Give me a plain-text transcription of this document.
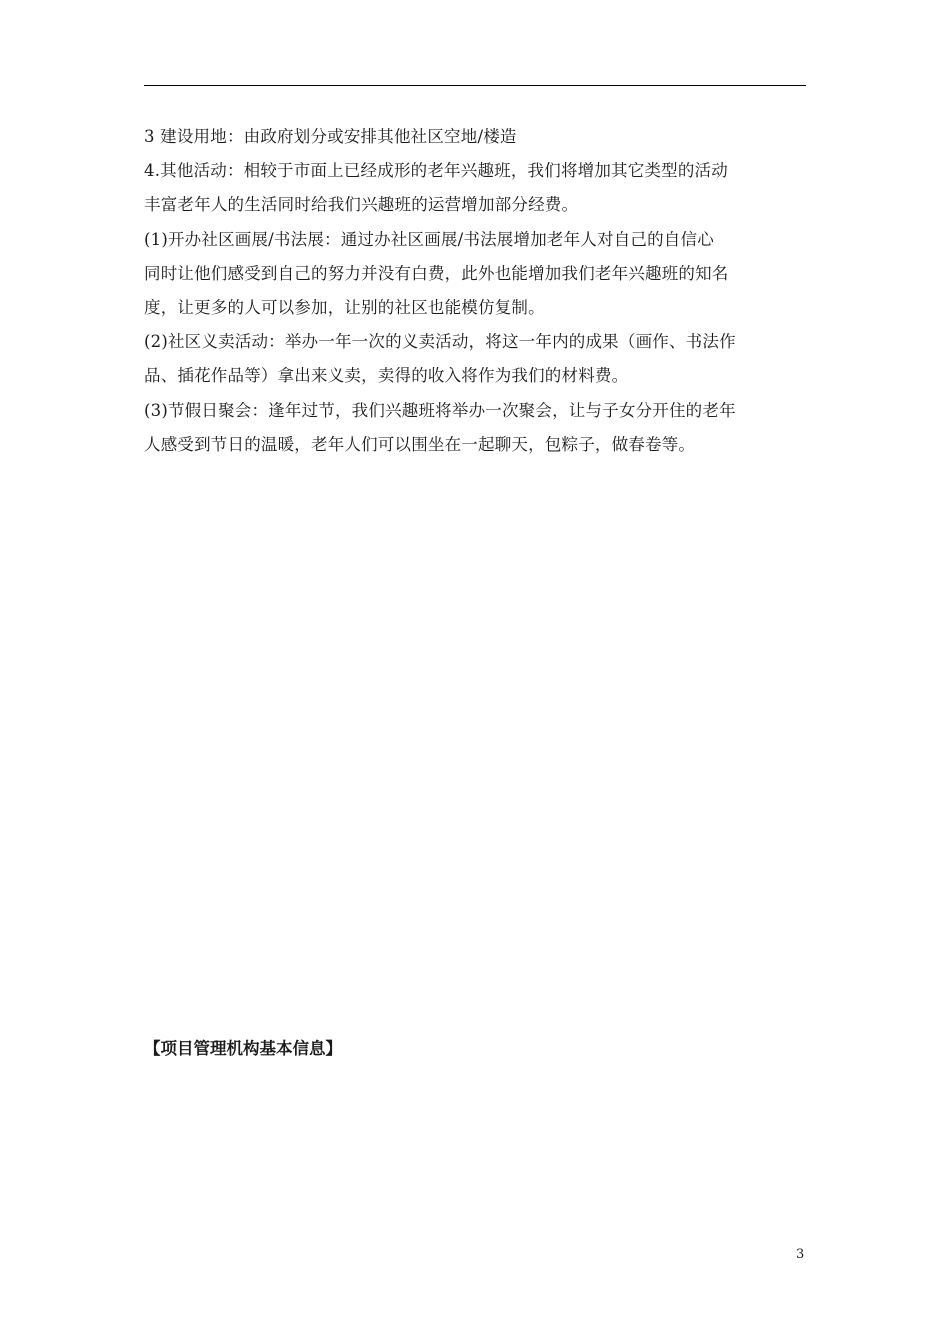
3 建设用地：由政府划分或安排其他社区空地/楼造

4.其他活动：相较于市面上已经成形的老年兴趣班，我们将增加其它类型的活动
丰富老年人的生活同时给我们兴趣班的运营增加部分经费。

(1)开办社区画展/书法展：通过办社区画展/书法展增加老年人对自己的自信心
同时让他们感受到自己的努力并没有白费，此外也能增加我们老年兴趣班的知名
度，让更多的人可以参加，让别的社区也能模仿复制。

(2)社区义卖活动：举办一年一次的义卖活动，将这一年内的成果（画作、书法作
品、插花作品等）拿出来义卖，卖得的收入将作为我们的材料费。

(3)节假日聚会：逢年过节，我们兴趣班将举办一次聚会，让与子女分开住的老年
人感受到节日的温暖，老年人们可以围坐在一起聊天，包粽子，做春卷等。

【项目管理机构基本信息】
3
